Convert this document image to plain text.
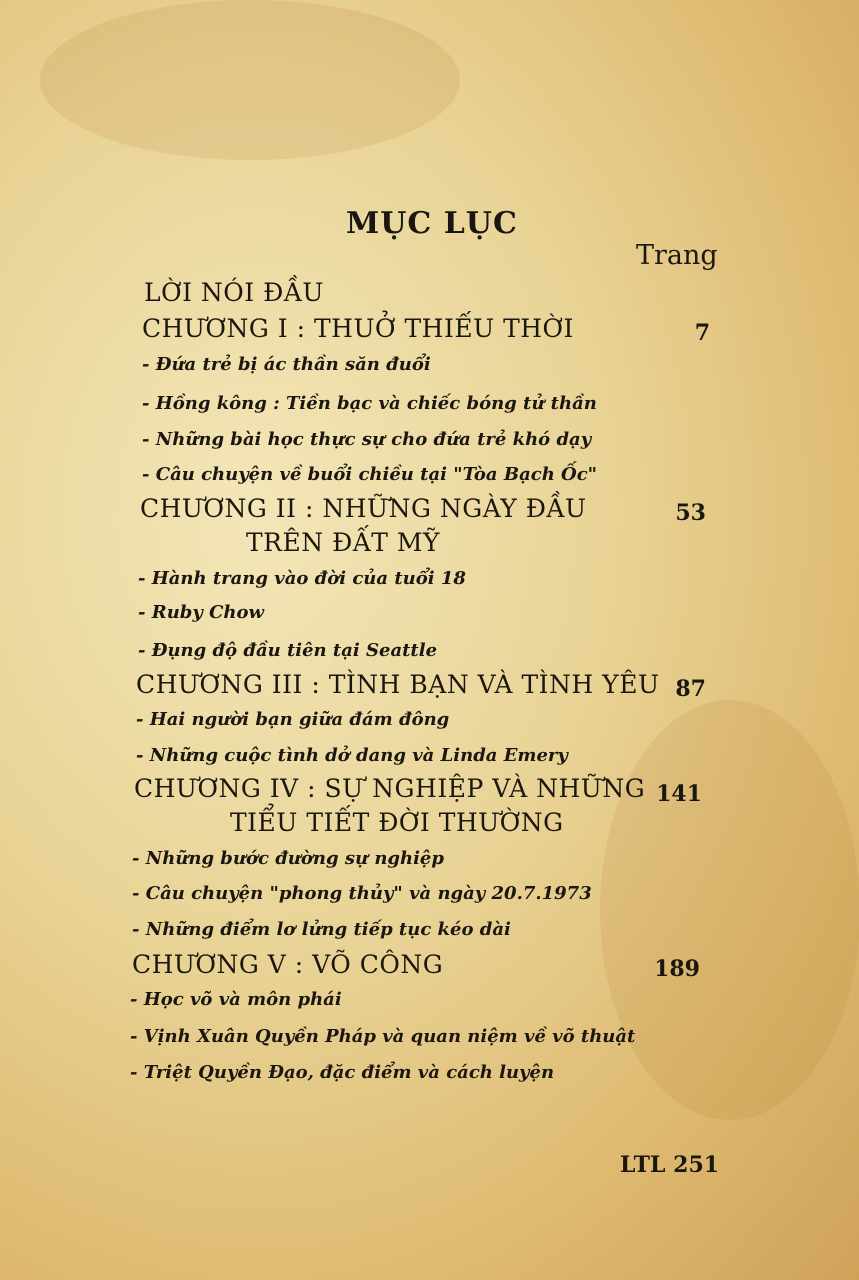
MỤC LỤC
Trang
LỜI NÓI ĐẦU
CHƯƠNG I : THUỞ THIẾU THỜI	7
- Đứa trẻ bị ác thần săn đuổi
- Hồng kông : Tiền bạc và chiếc bóng tử thần
- Những bài học thực sự cho đứa trẻ khó dạy
- Câu chuyện về buổi chiều tại "Tòa Bạch Ốc"
CHƯƠNG II : NHỮNG NGÀY ĐẦU	53
TRÊN ĐẤT MỸ
- Hành trang vào đời của tuổi 18
- Ruby Chow
- Đụng độ đầu tiên tại Seattle
CHƯƠNG III : TÌNH BẠN VÀ TÌNH YÊU 87
- Hai người bạn giữa đám đông
- Những cuộc tình dở dang và Linda Emery
CHƯƠNG IV : SỰ NGHIỆP VÀ NHỮNG 141
TIỂU TIẾT ĐỜI THƯỜNG
- Những bước đường sự nghiệp
- Câu chuyện "phong thủy" và ngày 20.7.1973
- Những điểm lơ lửng tiếp tục kéo dài
CHƯƠNG V : VÕ CÔNG	189
- Học võ và môn phái
- Vịnh Xuân Quyền Pháp và quan niệm về võ thuật
- Triệt Quyền Đạo, đặc điểm và cách luyện
LTL 251
